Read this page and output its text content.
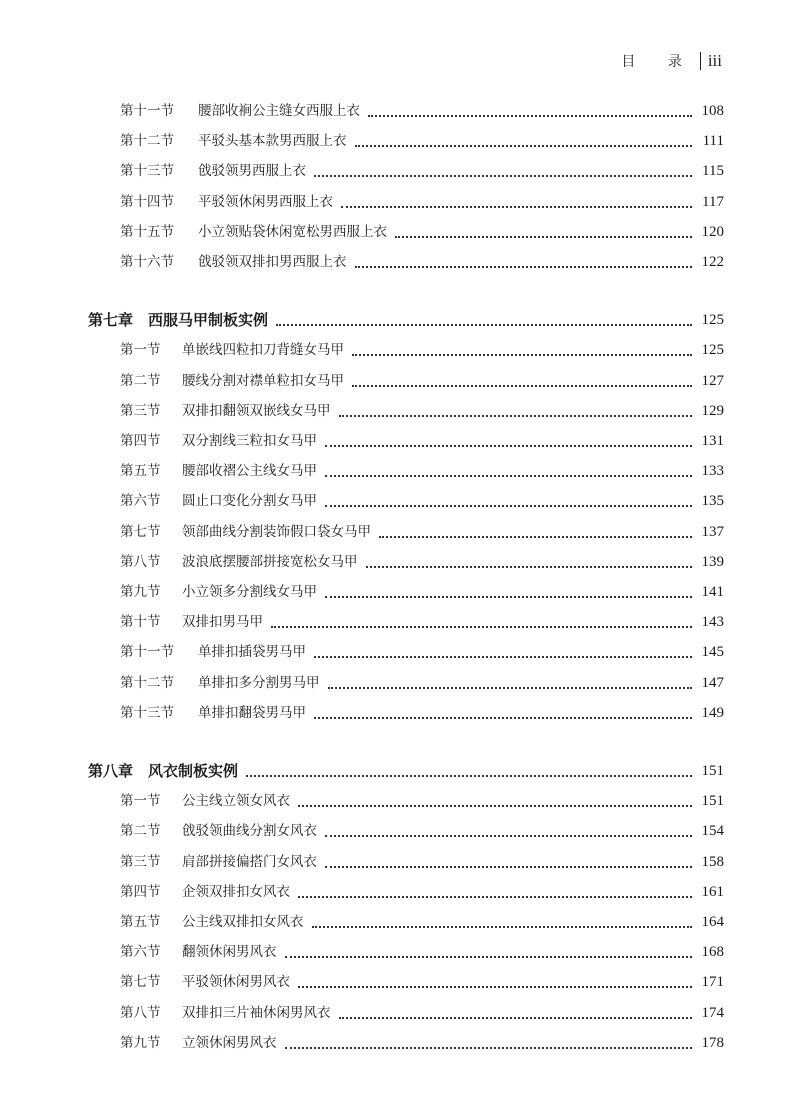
目 录 iii
第十一节	腰部收裥公主缝女西服上衣	108
第十二节	平驳头基本款男西服上衣	111
第十三节	戗驳领男西服上衣	115
第十四节	平驳领休闲男西服上衣	117
第十五节	小立领贴袋休闲宽松男西服上衣	120
第十六节	戗驳领双排扣男西服上衣	122
第七章 西服马甲制板实例	125
第一节	单嵌线四粒扣刀背缝女马甲	125
第二节	腰线分割对襟单粒扣女马甲	127
第三节	双排扣翻领双嵌线女马甲	129
第四节	双分割线三粒扣女马甲	131
第五节	腰部收褶公主线女马甲	133
第六节	圆止口变化分割女马甲	135
第七节	领部曲线分割装饰假口袋女马甲	137
第八节	波浪底摆腰部拼接宽松女马甲	139
第九节	小立领多分割线女马甲	141
第十节	双排扣男马甲	143
第十一节	单排扣插袋男马甲	145
第十二节	单排扣多分割男马甲	147
第十三节	单排扣翻袋男马甲	149
第八章 风衣制板实例	151
第一节	公主线立领女风衣	151
第二节	戗驳领曲线分割女风衣	154
第三节	肩部拼接偏搭门女风衣	158
第四节	企领双排扣女风衣	161
第五节	公主线双排扣女风衣	164
第六节	翻领休闲男风衣	168
第七节	平驳领休闲男风衣	171
第八节	双排扣三片袖休闲男风衣	174
第九节	立领休闲男风衣	178
